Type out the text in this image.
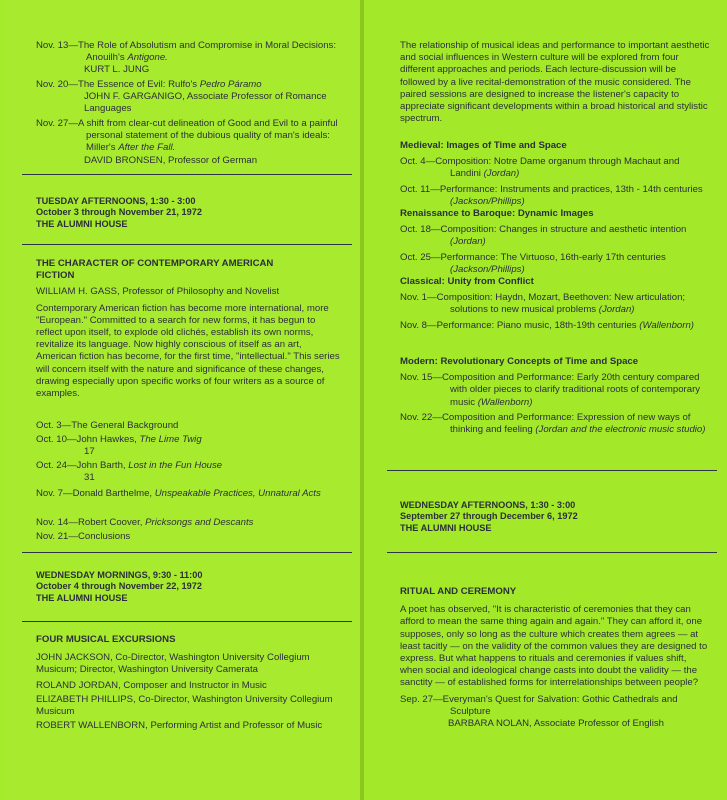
Nov. 13—The Role of Absolutism and Compromise in Moral Decisions: Anouilh's Antigone.

KURT L. JUNG

Nov. 20—The Essence of Evil: Rulfo's Pedro Páramo

JOHN F. GARGANIGO, Associate Professor of Romance Languages

Nov. 27—A shift from clear-cut delineation of Good and Evil to a painful personal statement of the dubious quality of man's ideals: Miller's After the Fall.

DAVID BRONSEN, Professor of German

TUESDAY AFTERNOONS, 1:30 - 3:00

October 3 through November 21, 1972

THE ALUMNI HOUSE

THE CHARACTER OF CONTEMPORARY AMERICAN FICTION

WILLIAM H. GASS, Professor of Philosophy and Novelist

Contemporary American fiction has become more international, more "European." Committed to a search for new forms, it has begun to reflect upon itself, to explode old clichés, establish its own norms, revitalize its language. Now highly conscious of itself as an art, American fiction has become, for the first time, "intellectual." This series will concern itself with the nature and significance of these changes, drawing especially upon specific works of four writers as a source of examples.

Oct. 3—The General Background

Oct. 10—John Hawkes, The Lime Twig

17

Oct. 24—John Barth, Lost in the Fun House

31

Nov. 7—Donald Barthelme, Unspeakable Practices, Unnatural Acts

Nov. 14—Robert Coover, Pricksongs and Descants

Nov. 21—Conclusions

WEDNESDAY MORNINGS, 9:30 - 11:00

October 4 through November 22, 1972

THE ALUMNI HOUSE

FOUR MUSICAL EXCURSIONS

JOHN JACKSON, Co-Director, Washington University Collegium Musicum; Director, Washington University Camerata

ROLAND JORDAN, Composer and Instructor in Music

ELIZABETH PHILLIPS, Co-Director, Washington University Collegium Musicum

ROBERT WALLENBORN, Performing Artist and Professor of Music

The relationship of musical ideas and performance to important aesthetic and social influences in Western culture will be explored from four different approaches and periods. Each lecture-discussion will be followed by a live recital-demonstration of the music considered. The paired sessions are designed to increase the listener's capacity to appreciate significant developments within a broad historical and stylistic spectrum.

Medieval: Images of Time and Space

Oct. 4—Composition: Notre Dame organum through Machaut and Landini (Jordan)

Oct. 11—Performance: Instruments and practices, 13th - 14th centuries (Jackson/Phillips)

Renaissance to Baroque: Dynamic Images

Oct. 18—Composition: Changes in structure and aesthetic intention (Jordan)

Oct. 25—Performance: The Virtuoso, 16th-early 17th centuries (Jackson/Phillips)

Classical: Unity from Conflict

Nov. 1—Composition: Haydn, Mozart, Beethoven: New articulation; solutions to new musical problems (Jordan)

Nov. 8—Performance: Piano music, 18th-19th centuries (Wallenborn)

Modern: Revolutionary Concepts of Time and Space

Nov. 15—Composition and Performance: Early 20th century compared with older pieces to clarify traditional roots of contemporary music (Wallenborn)

Nov. 22—Composition and Performance: Expression of new ways of thinking and feeling (Jordan and the electronic music studio)

WEDNESDAY AFTERNOONS, 1:30 - 3:00

September 27 through December 6, 1972

THE ALUMNI HOUSE

RITUAL AND CEREMONY

A poet has observed, "It is characteristic of ceremonies that they can afford to mean the same thing again and again." They can afford it, one supposes, only so long as the culture which creates them agrees — at least tacitly — on the validity of the common values they are designed to express. But what happens to rituals and ceremonies if values shift, when social and ideological change casts into doubt the validity — the sanctity — of established forms for interrelationships between people?

Sep. 27—Everyman's Quest for Salvation: Gothic Cathedrals and Sculpture

BARBARA NOLAN, Associate Professor of English
